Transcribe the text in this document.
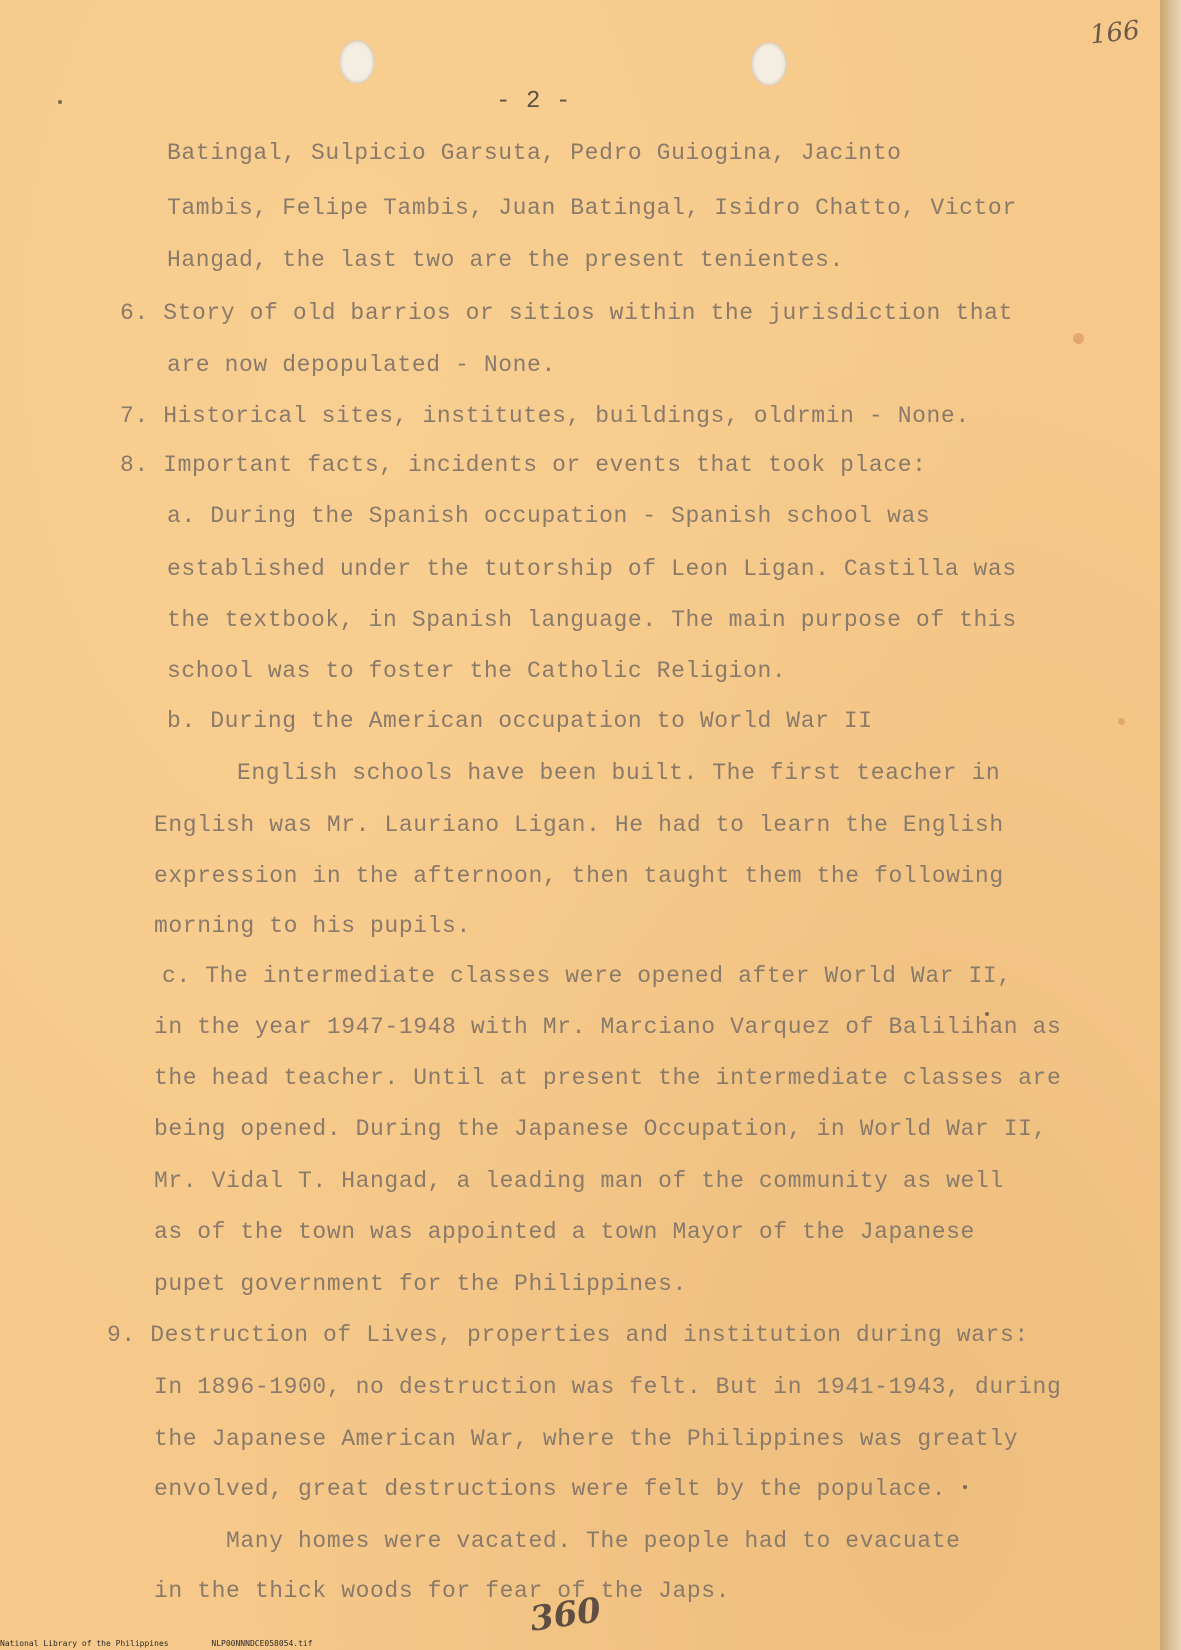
166
- 2 -
Batingal, Sulpicio Garsuta, Pedro Guiogina, Jacinto
Tambis, Felipe Tambis, Juan Batingal, Isidro Chatto, Victor
Hangad, the last two are the present tenientes.
6. Story of old barrios or sitios within the jurisdiction that
are now depopulated - None.
7. Historical sites, institutes, buildings, oldrmin - None.
8. Important facts, incidents or events that took place:
a. During the Spanish occupation - Spanish school was
established under the tutorship of Leon Ligan. Castilla was
the textbook, in Spanish language. The main purpose of this
school was to foster the Catholic Religion.
b. During the American occupation to World War II
English schools have been built. The first teacher in
English was Mr. Lauriano Ligan. He had to learn the English
expression in the afternoon, then taught them the following
morning to his pupils.
c. The intermediate classes were opened after World War II,
in the year 1947-1948 with Mr. Marciano Varquez of Balilihan as
the head teacher. Until at present the intermediate classes are
being opened. During the Japanese Occupation, in World War II,
Mr. Vidal T. Hangad, a leading man of the community as well
as of the town was appointed a town Mayor of the Japanese
pupet government for the Philippines.
9. Destruction of Lives, properties and institution during wars:
In 1896-1900, no destruction was felt. But in 1941-1943, during
the Japanese American War, where the Philippines was greatly
envolved, great destructions were felt by the populace.
Many homes were vacated. The people had to evacuate
in the thick woods for fear of the Japs.
360
National Library of the Philippines	NLP00NNNDCE058054.tif
